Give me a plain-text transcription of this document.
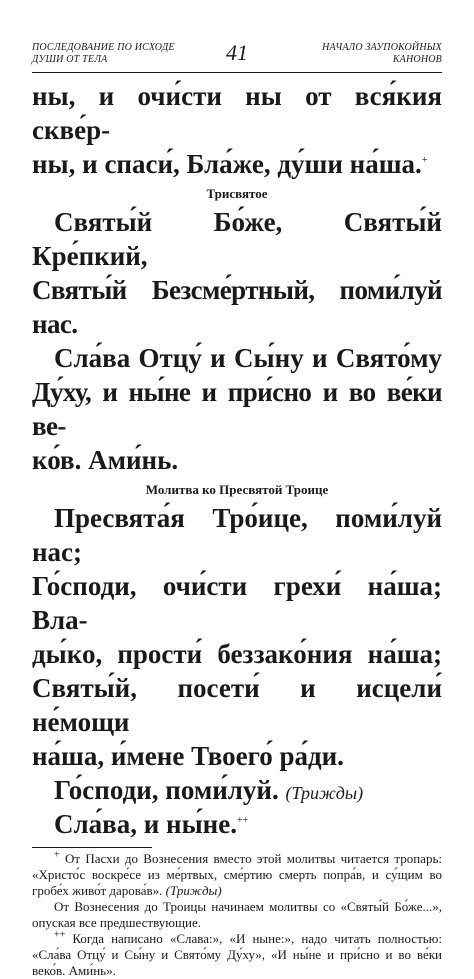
ПОСЛЕДОВАНИЕ ПО ИСХОДЕ
ДУШИ ОТ ТЕЛА	41	НАЧАЛО ЗАУПОКОЙНЫХ
КАНОНОВ

ны, и очи́сти ны от вся́кия скве́р-

ны, и спаси́, Бла́же, ду́ши на́ша.+

Трисвятое

Святы́й Бо́же, Святы́й Кре́пкий,

Святы́й Безсме́ртный, поми́луй нас.

Сла́ва Отцу́ и Сы́ну и Свято́му

Ду́ху, и ны́не и при́сно и во ве́ки ве-

ко́в. Ами́нь.

Молитва ко Пресвятой Троице

Пресвята́я Тро́ице, поми́луй нас;

Го́споди, очи́сти грехи́ на́ша; Вла-

ды́ко, прости́ беззако́ния на́ша;

Святы́й, посети́ и исцели́ не́мощи

на́ша, и́мене Твоего́ ра́ди.

Го́споди, поми́луй. (Трижды)

Сла́ва, и ны́не.++

+ От Пасхи до Вознесения вместо этой молитвы читается тропарь: «Христо́с воскре́се из ме́ртвых, сме́ртию смерть попра́в, и су́щим во гробе́х живо́т дарова́в». (Трижды)

От Вознесения до Троицы начинаем молитвы со «Святы́й Бо́же...», опуская все предшествующие.

++ Когда написано «Слава:», «И ныне:», надо читать полностью: «Сла́ва Отцу́ и Сы́ну и Свято́му Ду́ху», «И ны́не и при́сно и во ве́ки веко́в. Ами́нь».
